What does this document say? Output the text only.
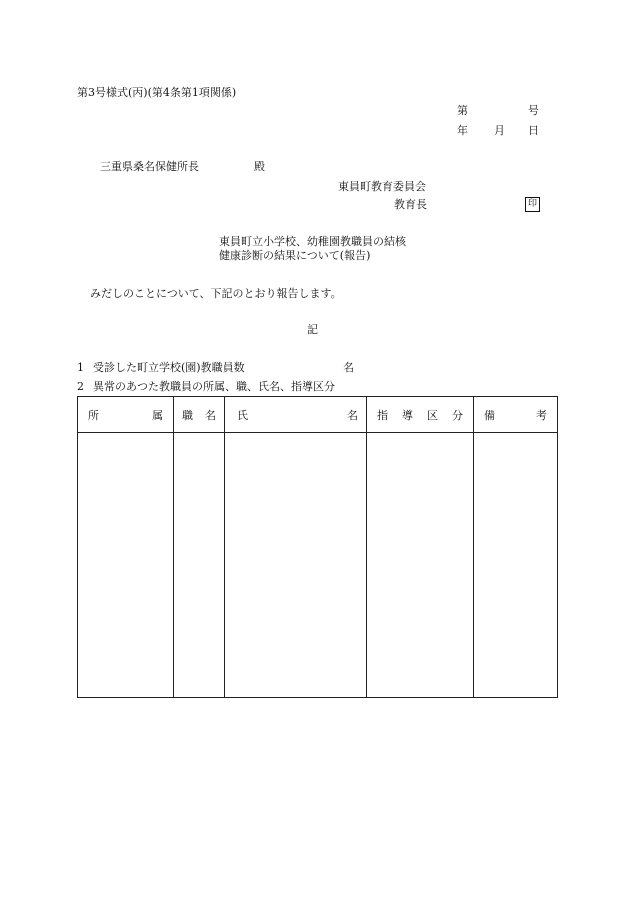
第3号様式(丙)(第4条第1項関係)
第	号
年 月 日
三重県桑名保健所長	殿
東員町教育委員会
教育長	印
東員町立小学校、幼稚園教職員の結核
健康診断の結果について(報告)
みだしのことについて、下記のとおり報告します。
記
1 受診した町立学校(園)教職員数	名
2 異常のあつた教職員の所属、職、氏名、指導区分
所 属	職 名	氏 名	指 導 区 分	備 考
